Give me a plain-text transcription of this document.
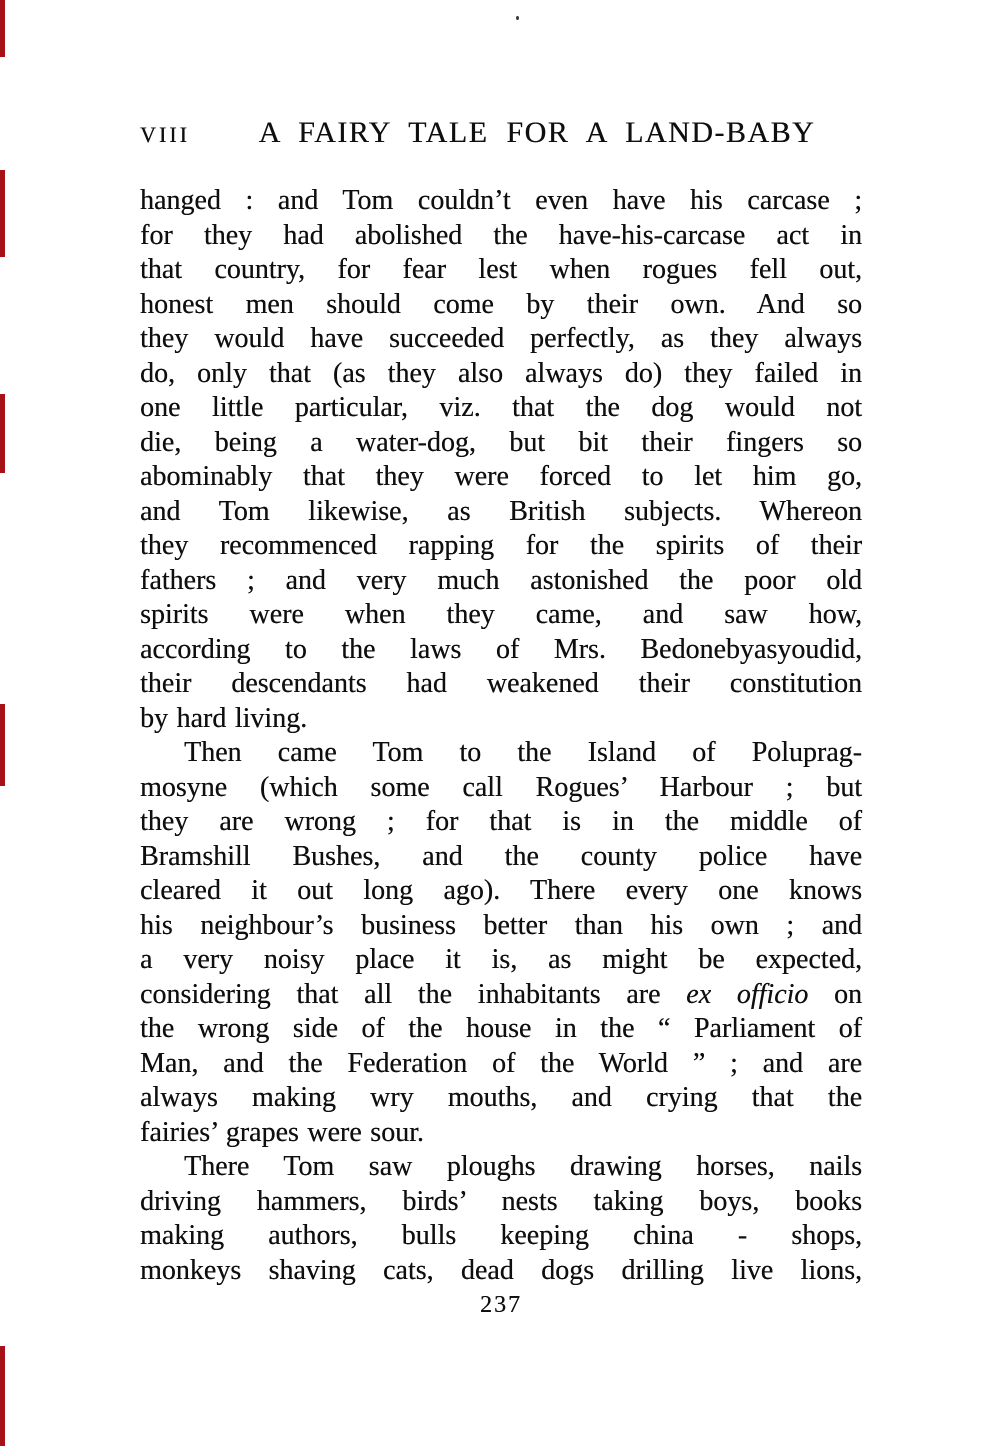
VIII	A FAIRY TALE FOR A LAND-BABY
hanged : and Tom couldn’t even have his carcase ;
for they had abolished the have-his-carcase act in
that country, for fear lest when rogues fell out,
honest men should come by their own. And so
they would have succeeded perfectly, as they always
do, only that (as they also always do) they failed in
one little particular, viz. that the dog would not
die, being a water-dog, but bit their fingers so
abominably that they were forced to let him go,
and Tom likewise, as British subjects. Whereon
they recommenced rapping for the spirits of their
fathers ; and very much astonished the poor old
spirits were when they came, and saw how,
according to the laws of Mrs. Bedonebyasyoudid,
their descendants had weakened their constitution
by hard living.
Then came Tom to the Island of Poluprag-
mosyne (which some call Rogues’ Harbour ; but
they are wrong ; for that is in the middle of
Bramshill Bushes, and the county police have
cleared it out long ago). There every one knows
his neighbour’s business better than his own ; and
a very noisy place it is, as might be expected,
considering that all the inhabitants are ex officio on
the wrong side of the house in the “ Parliament of
Man, and the Federation of the World ” ; and are
always making wry mouths, and crying that the
fairies’ grapes were sour.
There Tom saw ploughs drawing horses, nails
driving hammers, birds’ nests taking boys, books
making authors, bulls keeping china - shops,
monkeys shaving cats, dead dogs drilling live lions,
237
